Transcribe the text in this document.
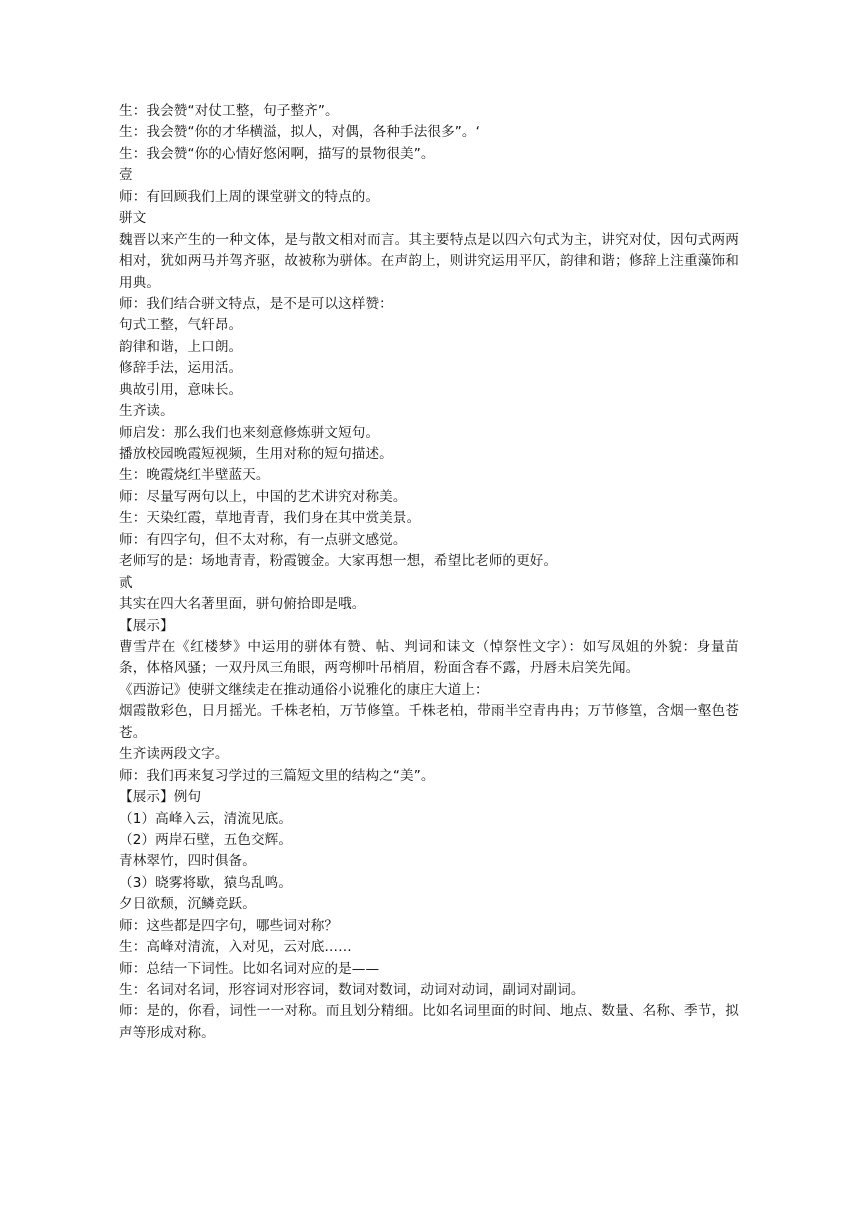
生：我会赞“对仗工整，句子整齐”。
生：我会赞“你的才华横溢，拟人，对偶，各种手法很多”。‘
生：我会赞“你的心情好悠闲啊，描写的景物很美”。
壹
师：有回顾我们上周的课堂骈文的特点的。
骈文
魏晋以来产生的一种文体，是与散文相对而言。其主要特点是以四六句式为主，讲究对仗，因句式两两相对，犹如两马并驾齐驱，故被称为骈体。在声韵上，则讲究运用平仄，韵律和谐；修辞上注重藻饰和用典。
师：我们结合骈文特点，是不是可以这样赞：
句式工整，气轩昂。
韵律和谐，上口朗。
修辞手法，运用活。
典故引用，意味长。
生齐读。
师启发：那么我们也来刻意修炼骈文短句。
播放校园晚霞短视频，生用对称的短句描述。
生：晚霞烧红半壁蓝天。
师：尽量写两句以上，中国的艺术讲究对称美。
生：天染红霞，草地青青，我们身在其中赏美景。
师：有四字句，但不太对称，有一点骈文感觉。
老师写的是：场地青青，粉霞镀金。大家再想一想，希望比老师的更好。
贰
其实在四大名著里面，骈句俯拾即是哦。
【展示】
曹雪芹在《红楼梦》中运用的骈体有赞、帖、判词和诔文（悼祭性文字）：如写凤姐的外貌：身量苗条，体格风骚；一双丹凤三角眼，两弯柳叶吊梢眉，粉面含春不露，丹唇未启笑先闻。
《西游记》使骈文继续走在推动通俗小说雅化的康庄大道上：
烟霞散彩色，日月摇光。千株老柏，万节修篁。千株老柏，带雨半空青冉冉；万节修篁，含烟一壑色苍苍。
生齐读两段文字。
师：我们再来复习学过的三篇短文里的结构之“美”。
【展示】例句
（1）高峰入云，清流见底。
（2）两岸石壁，五色交辉。
青林翠竹，四时俱备。
（3）晓雾将歇，猿鸟乱鸣。
夕日欲颓，沉鳞竞跃。
师：这些都是四字句，哪些词对称？
生：高峰对清流，入对见，云对底……
师：总结一下词性。比如名词对应的是——
生：名词对名词，形容词对形容词，数词对数词，动词对动词，副词对副词。
师：是的，你看，词性一一对称。而且划分精细。比如名词里面的时间、地点、数量、名称、季节，拟声等形成对称。
